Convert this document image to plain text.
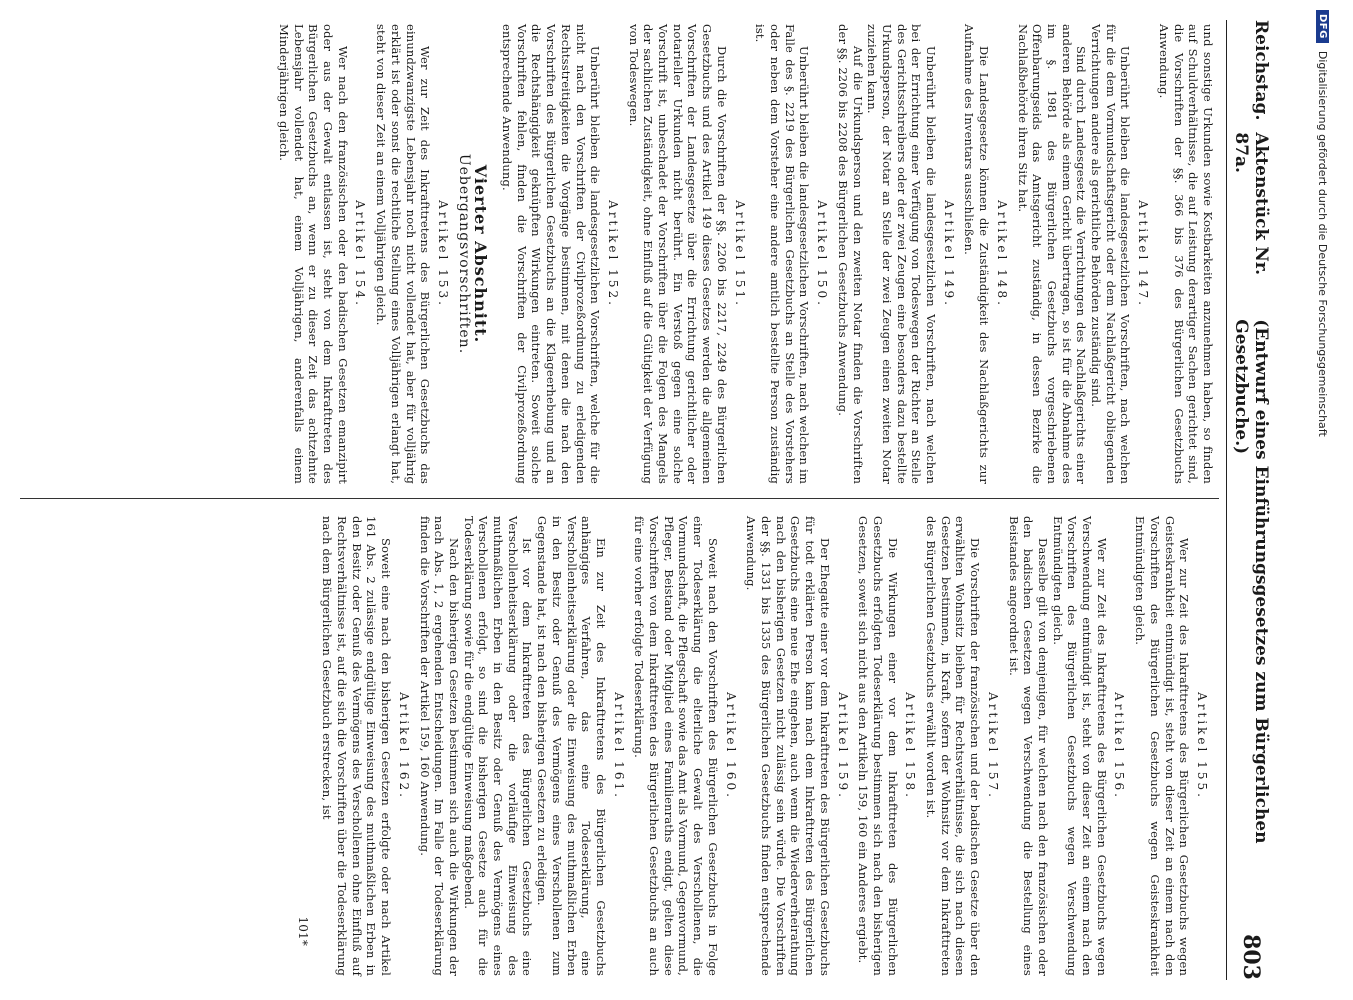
Reichstag.
Aktenstück Nr. 87a.
(Entwurf eines Einführungsgesetzes zum Bürgerlichen Gesetzbuche.)
803

und sonstige Urkunden sowie Kostbarkeiten anzunehmen haben, so finden auf Schuldverhältnisse, die auf Leistung derartiger Sachen gerichtet sind, die Vorschriften der §§. 366 bis 376 des Bürgerlichen Gesetzbuchs Anwendung.

Artikel 147.

Unberührt bleiben die landesgesetzlichen Vorschriften, nach welchen für die dem Vormundschaftsgericht oder dem Nachlaßgericht obliegenden Verrichtungen andere als gerichtliche Behörden zuständig sind.

Sind durch Landesgesetz die Verrichtungen des Nachlaßgerichts einer anderen Behörde als einem Gericht übertragen, so ist für die Abnahme des im §. 1981 des Bürgerlichen Gesetzbuchs vorgeschriebenen Offenbarungseids das Amtsgericht zuständig, in dessen Bezirke die Nachlaßbehörde ihren Sitz hat.

Artikel 148.

Die Landesgesetze können die Zuständigkeit des Nachlaßgerichts zur Aufnahme des Inventars ausschließen.

Artikel 149.

Unberührt bleiben die landesgesetzlichen Vorschriften, nach welchen bei der Errichtung einer Verfügung von Todeswegen der Richter an Stelle des Gerichtsschreibers oder der zwei Zeugen eine besonders dazu bestellte Urkundsperson, der Notar an Stelle der zwei Zeugen einen zweiten Notar zuziehen kann.

Auf die Urkundsperson und den zweiten Notar finden die Vorschriften der §§. 2206 bis 2208 des Bürgerlichen Gesetzbuchs Anwendung.

Artikel 150.

Unberührt bleiben die landesgesetzlichen Vorschriften, nach welchen im Falle des §. 2219 des Bürgerlichen Gesetzbuchs an Stelle des Vorstehers oder neben dem Vorsteher eine andere amtlich bestellte Person zuständig ist.

Artikel 151.

Durch die Vorschriften der §§. 2206 bis 2217, 2249 des Bürgerlichen Gesetzbuchs und des Artikel 149 dieses Gesetzes werden die allgemeinen Vorschriften der Landesgesetze über die Errichtung gerichtlicher oder notarieller Urkunden nicht berührt. Ein Verstoß gegen eine solche Vorschrift ist, unbeschadet der Vorschriften über die Folgen des Mangels der sachlichen Zuständigkeit, ohne Einfluß auf die Gültigkeit der Verfügung von Todeswegen.

Artikel 152.

Unberührt bleiben die landesgesetzlichen Vorschriften, welche für die nicht nach den Vorschriften der Civilprozeßordnung zu erledigenden Rechtsstreitigkeiten die Vorgänge bestimmen, mit denen die nach den Vorschriften des Bürgerlichen Gesetzbuchs an die Klageerhebung und an die Rechtshängigkeit geknüpften Wirkungen eintreten. Soweit solche Vorschriften fehlen, finden die Vorschriften der Civilprozeßordnung entsprechende Anwendung.

Vierter Abschnitt.
Uebergangsvorschriften.
Artikel 153.

Wer zur Zeit des Inkrafttretens des Bürgerlichen Gesetzbuchs das einundzwanzigste Lebensjahr noch nicht vollendet hat, aber für volljährig erklärt ist oder sonst die rechtliche Stellung eines Volljährigen erlangt hat, steht von dieser Zeit an einem Volljährigen gleich.

Artikel 154.

Wer nach den französischen oder den badischen Gesetzen emanzipirt oder aus der Gewalt entlassen ist, steht von dem Inkrafttreten des Bürgerlichen Gesetzbuchs an, wenn er zu dieser Zeit das achtzehnte Lebensjahr vollendet hat, einem Volljährigen, anderenfalls einem Minderjährigen gleich.

Artikel 155.

Wer zur Zeit des Inkrafttretens des Bürgerlichen Gesetzbuchs wegen Geisteskrankheit entmündigt ist, steht von dieser Zeit an einem nach den Vorschriften des Bürgerlichen Gesetzbuchs wegen Geisteskrankheit Entmündigten gleich.

Artikel 156.

Wer zur Zeit des Inkrafttretens des Bürgerlichen Gesetzbuchs wegen Verschwendung entmündigt ist, steht von dieser Zeit an einem nach den Vorschriften des Bürgerlichen Gesetzbuchs wegen Verschwendung Entmündigten gleich.

Dasselbe gilt von demjenigen, für welchen nach den französischen oder den badischen Gesetzen wegen Verschwendung die Bestellung eines Beistandes angeordnet ist.

Artikel 157.

Die Vorschriften der französischen und der badischen Gesetze über den erwählten Wohnsitz bleiben für Rechtsverhältnisse, die sich nach diesen Gesetzen bestimmen, in Kraft, sofern der Wohnsitz vor dem Inkrafttreten des Bürgerlichen Gesetzbuchs erwählt worden ist.

Artikel 158.

Die Wirkungen einer vor dem Inkrafttreten des Bürgerlichen Gesetzbuchs erfolgten Todeserklärung bestimmen sich nach den bisherigen Gesetzen, soweit sich nicht aus den Artikeln 159, 160 ein Anderes ergiebt.

Artikel 159.

Der Ehegatte einer vor dem Inkrafttreten des Bürgerlichen Gesetzbuchs für todt erklärten Person kann nach dem Inkrafttreten des Bürgerlichen Gesetzbuchs eine neue Ehe eingehen, auch wenn die Wiederverheirathung nach den bisherigen Gesetzen nicht zulässig sein würde. Die Vorschriften der §§. 1331 bis 1335 des Bürgerlichen Gesetzbuchs finden entsprechende Anwendung.

Artikel 160.

Soweit nach den Vorschriften des Bürgerlichen Gesetzbuchs in Folge einer Todeserklärung die elterliche Gewalt des Verschollenen, die Vormundschaft, die Pflegschaft sowie das Amt als Vormund, Gegenvormund, Pfleger, Beistand oder Mitglied eines Familienraths endigt, gelten diese Vorschriften von dem Inkrafttreten des Bürgerlichen Gesetzbuchs an auch für eine vorher erfolgte Todeserklärung.

Artikel 161.

Ein zur Zeit des Inkrafttretens des Bürgerlichen Gesetzbuchs anhängiges Verfahren, das eine Todeserklärung, eine Verschollenheitserklärung oder die Einweisung des muthmaßlichen Erben in den Besitz oder Genuß des Vermögens eines Verschollenen zum Gegenstande hat, ist nach den bisherigen Gesetzen zu erledigen.

Ist vor dem Inkrafttreten des Bürgerlichen Gesetzbuchs eine Verschollenheitserklärung oder die vorläufige Einweisung des muthmaßlichen Erben in den Besitz oder Genuß des Vermögens eines Verschollenen erfolgt, so sind die bisherigen Gesetze auch für die Todeserklärung sowie für die endgültige Einweisung maßgebend.

Nach den bisherigen Gesetzen bestimmen sich auch die Wirkungen der nach Abs. 1, 2 ergehenden Entscheidungen. Im Falle der Todeserklärung finden die Vorschriften der Artikel 159, 160 Anwendung.

Artikel 162.

Soweit eine nach den bisherigen Gesetzen erfolgte oder nach Artikel 161 Abs. 2 zulässige endgültige Einweisung des muthmaßlichen Erben in den Besitz oder Genuß des Vermögens des Verschollenen ohne Einfluß auf Rechtsverhältnisse ist, auf die sich die Vorschriften über die Todeserklärung nach dem Bürgerlichen Gesetzbuch erstrecken, ist

101*
DFG
Digitalisierung gefördert durch die Deutsche Forschungsgemeinschaft
